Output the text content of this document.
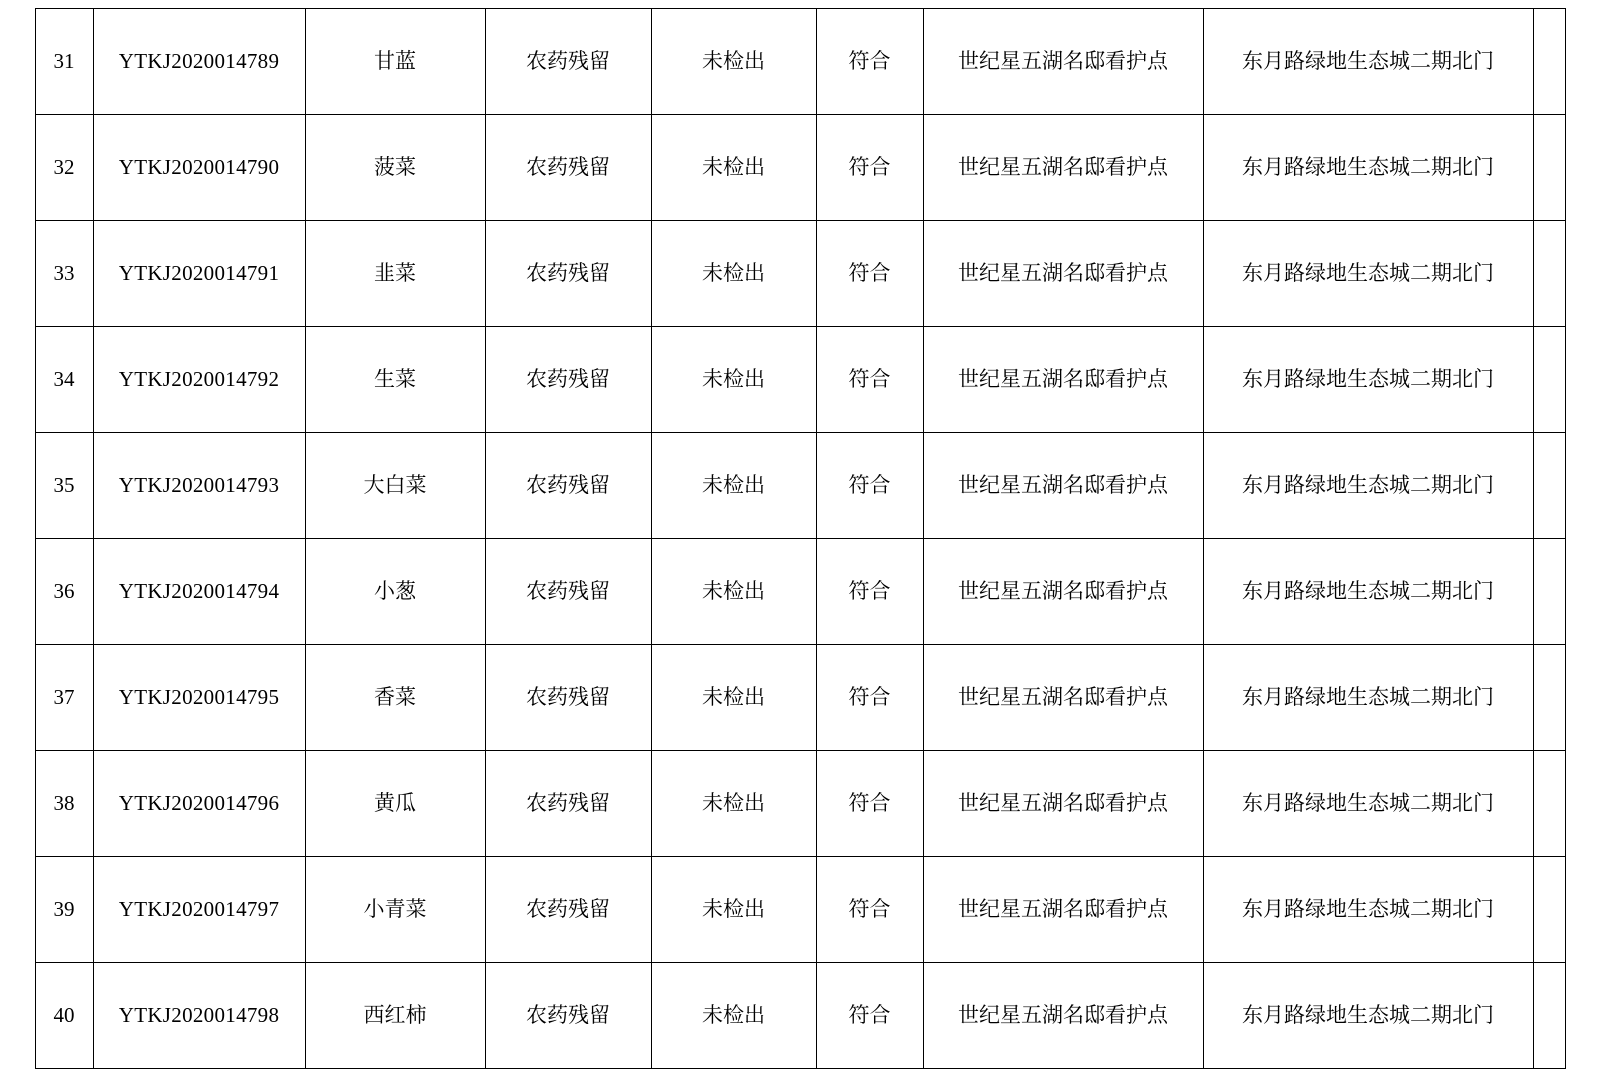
31	YTKJ2020014789	甘蓝	农药残留	未检出	符合	世纪星五湖名邸看护点	东月路绿地生态城二期北门	
32	YTKJ2020014790	菠菜	农药残留	未检出	符合	世纪星五湖名邸看护点	东月路绿地生态城二期北门	
33	YTKJ2020014791	韭菜	农药残留	未检出	符合	世纪星五湖名邸看护点	东月路绿地生态城二期北门	
34	YTKJ2020014792	生菜	农药残留	未检出	符合	世纪星五湖名邸看护点	东月路绿地生态城二期北门	
35	YTKJ2020014793	大白菜	农药残留	未检出	符合	世纪星五湖名邸看护点	东月路绿地生态城二期北门	
36	YTKJ2020014794	小葱	农药残留	未检出	符合	世纪星五湖名邸看护点	东月路绿地生态城二期北门	
37	YTKJ2020014795	香菜	农药残留	未检出	符合	世纪星五湖名邸看护点	东月路绿地生态城二期北门	
38	YTKJ2020014796	黄瓜	农药残留	未检出	符合	世纪星五湖名邸看护点	东月路绿地生态城二期北门	
39	YTKJ2020014797	小青菜	农药残留	未检出	符合	世纪星五湖名邸看护点	东月路绿地生态城二期北门	
40	YTKJ2020014798	西红柿	农药残留	未检出	符合	世纪星五湖名邸看护点	东月路绿地生态城二期北门	
